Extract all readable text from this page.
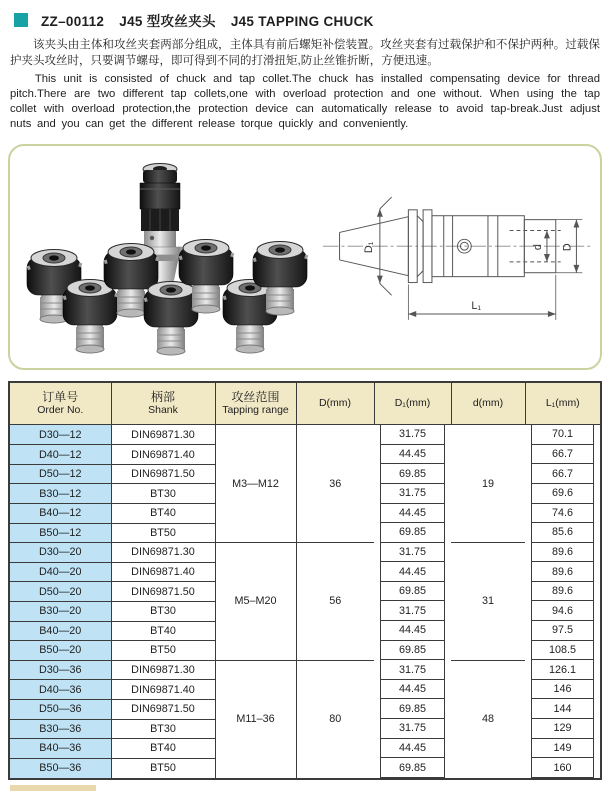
ZZ–00112 J45 型攻丝夹头 J45 TAPPING CHUCK

该夹头由主体和攻丝夹套两部分组成，主体具有前后螺矩补偿装置。攻丝夹套有过载保护和不保护两种。过载保护夹头攻丝时，只要调节螺母，即可得到不同的打滑扭矩,防止丝锥折断，方便迅速。

This unit is consisted of chuck and tap collet.The chuck has installed compensating device for thread pitch.There are two different tap collets,one with overload protection and one without. When using the tap collet with overload protection,the protection device can automatically release to avoid tap-break.Just adjust nuts and you can get the different release torque quickly and conveniently.

D₁	d D
L₁
订单号
Order No.

柄部
Shank

攻丝范围
Tapping range

D(mm)	D₁(mm)	d(mm)	L₁(mm)

D30—12	DIN69871.30	M3—M12	36	31.75	19	70.1

D40—12	DIN69871.40			44.45		66.7

D50—12	DIN69871.50			69.85		66.7

B30—12	BT30			31.75		69.6

B40—12	BT40			44.45		74.6

B50—12	BT50			69.85		85.6

D30—20	DIN69871.30	M5–M20	56	31.75	31	89.6

D40—20	DIN69871.40			44.45		89.6

D50—20	DIN69871.50			69.85		89.6

B30—20	BT30			31.75		94.6

B40—20	BT40			44.45		97.5

B50—20	BT50			69.85		108.5

D30—36	DIN69871.30	M11–36	80	31.75	48	126.1

D40—36	DIN69871.40			44.45		146

D50—36	DIN69871.50			69.85		144

B30—36	BT30			31.75		129

B40—36	BT40			44.45		149

B50—36	BT50			69.85		160
